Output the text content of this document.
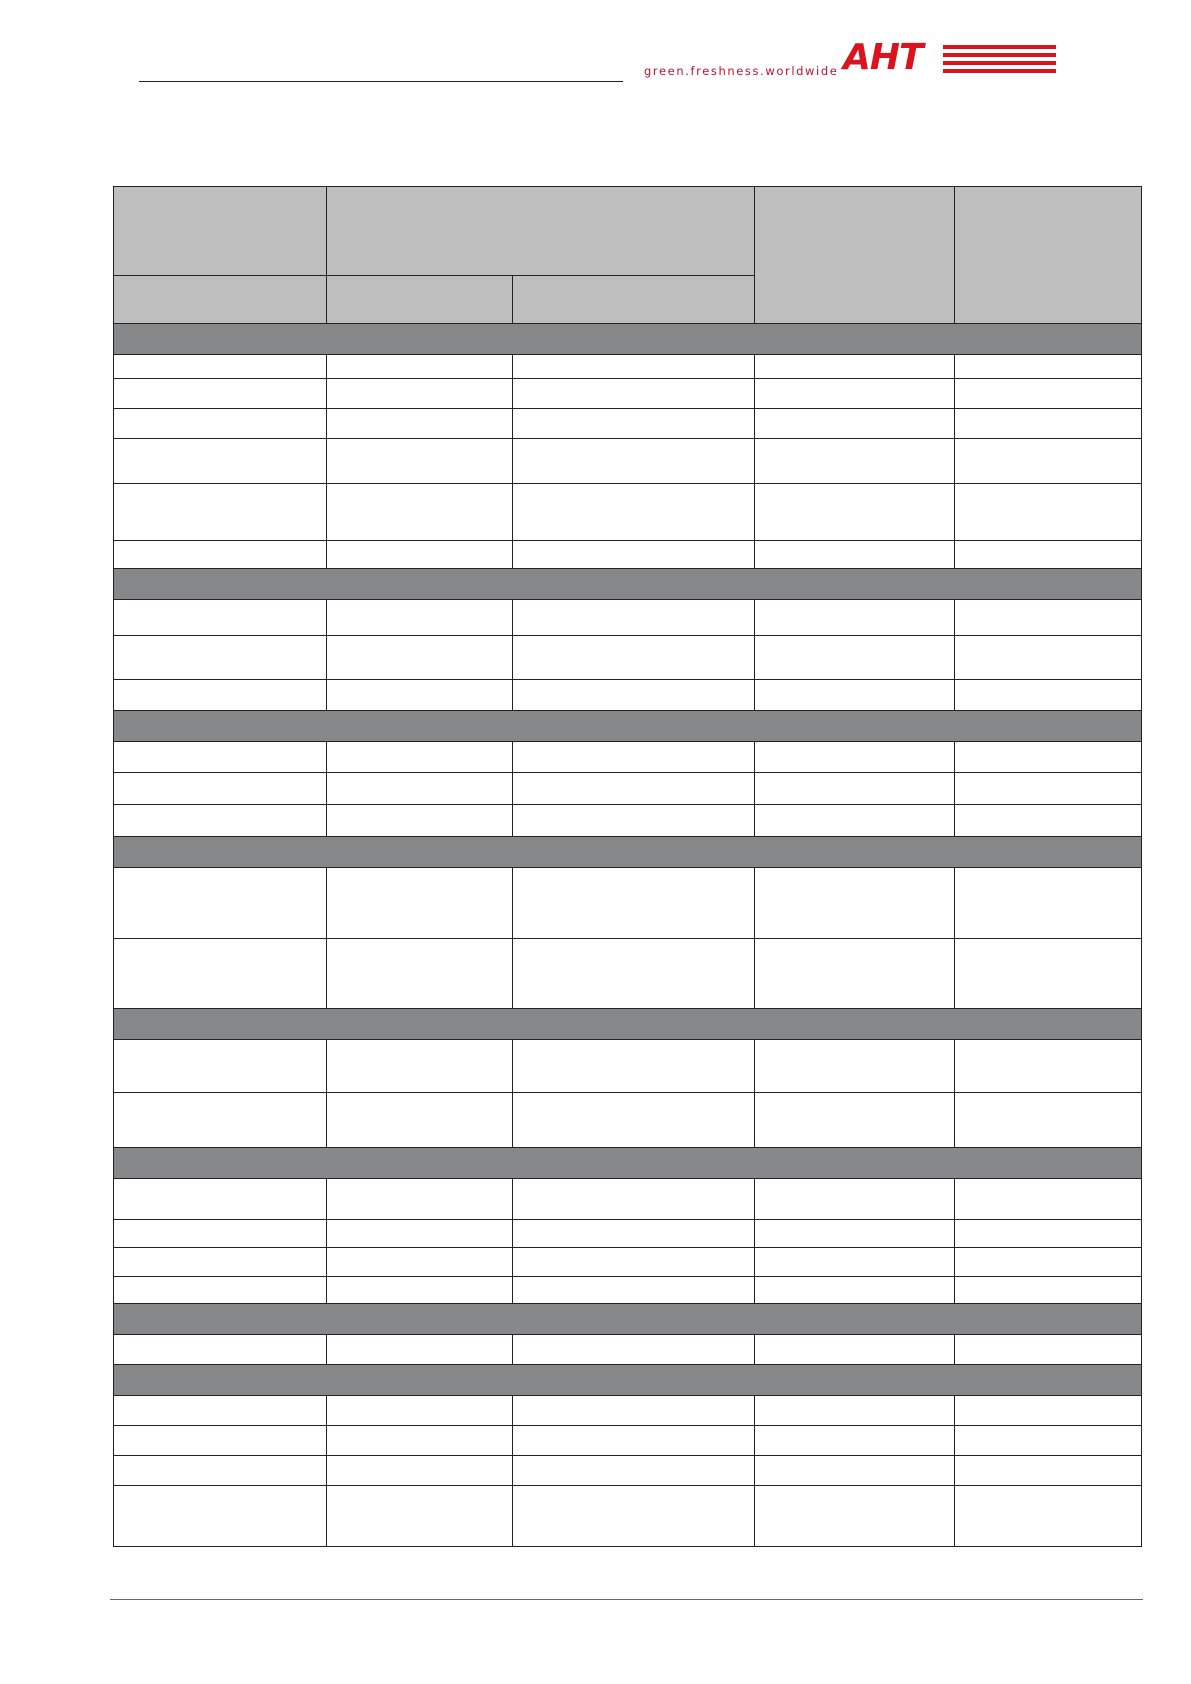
green.freshness.worldwide AHT
